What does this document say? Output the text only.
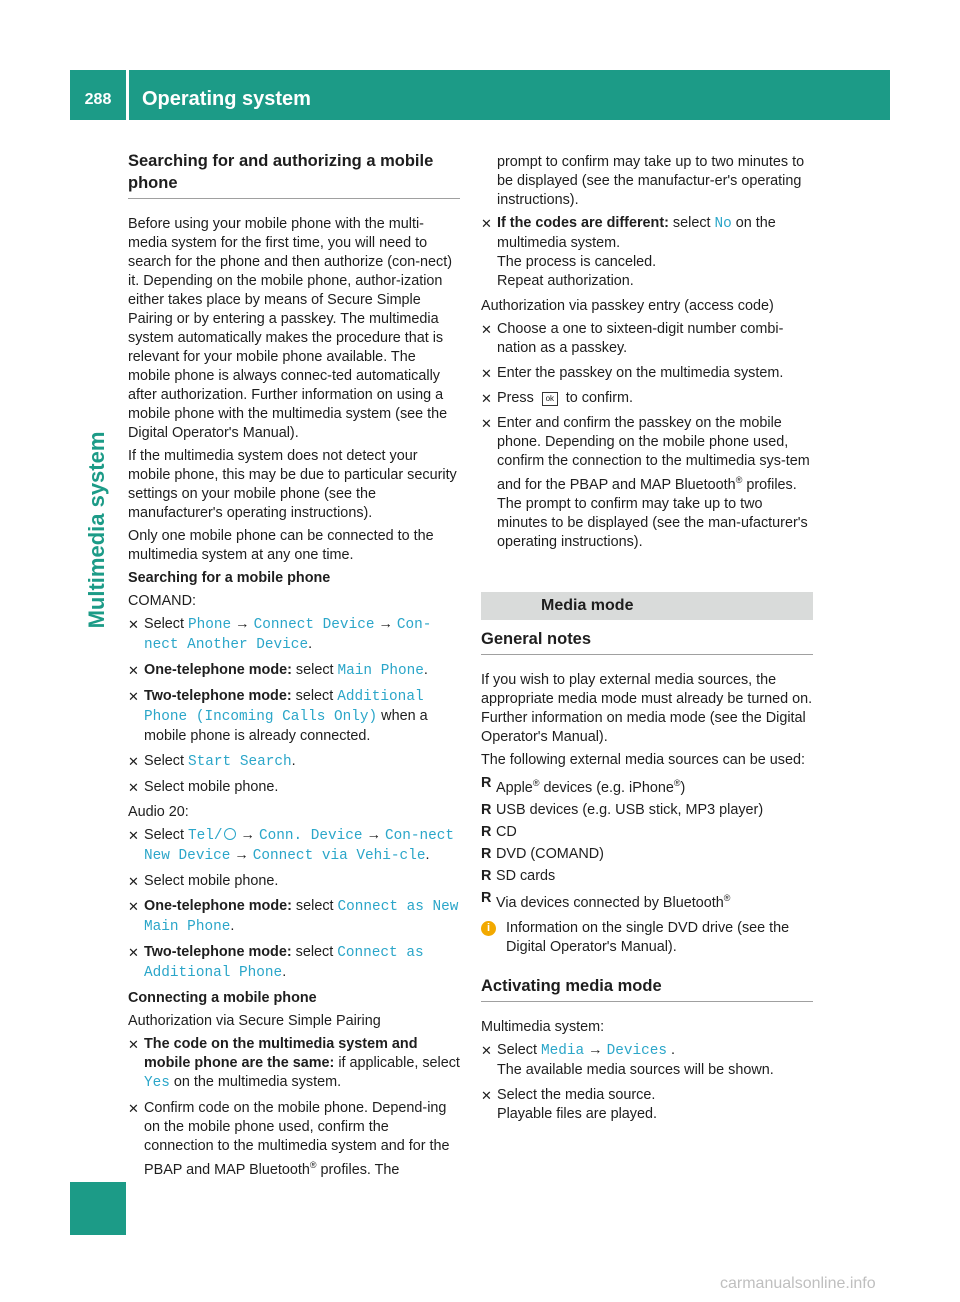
288	Operating system
Multimedia system
Searching for and authorizing a mobile phone

Before using your mobile phone with the multi-media system for the first time, you will need to search for the phone and then authorize (con-nect) it. Depending on the mobile phone, author-ization either takes place by means of Secure Simple Pairing or by entering a passkey. The multimedia system automatically makes the procedure that is relevant for your mobile phone available. The mobile phone is always connec-ted automatically after authorization. Further information on using a mobile phone with the multimedia system (see the Digital Operator's Manual).

If the multimedia system does not detect your mobile phone, this may be due to particular security settings on your mobile phone (see the manufacturer's operating instructions).

Only one mobile phone can be connected to the multimedia system at any one time.

Searching for a mobile phone

COMAND:

✕ Select Phone → Connect Device → Con-nect Another Device.
✕ One-telephone mode: select Main Phone.
✕ Two-telephone mode: select Additional Phone (Incoming Calls Only) when a mobile phone is already connected.
✕ Select Start Search.
✕ Select mobile phone.

Audio 20:

✕ Select Tel/ → Conn. Device → Con-nect New Device → Connect via Vehi-cle.
✕ Select mobile phone.
✕ One-telephone mode: select Connect as New Main Phone.
✕ Two-telephone mode: select Connect as Additional Phone.

Connecting a mobile phone

Authorization via Secure Simple Pairing

✕ The code on the multimedia system and mobile phone are the same: if applicable, select Yes on the multimedia system.
✕ Confirm code on the mobile phone. Depend-ing on the mobile phone used, confirm the connection to the multimedia system and for the PBAP and MAP Bluetooth® profiles. The

prompt to confirm may take up to two minutes to be displayed (see the manufactur-er's operating instructions).

✕ If the codes are different: select No on the multimedia system.
The process is canceled.
Repeat authorization.

Authorization via passkey entry (access code)

✕ Choose a one to sixteen-digit number combi-nation as a passkey.
✕ Enter the passkey on the multimedia system.
✕ Press ok to confirm.
✕ Enter and confirm the passkey on the mobile phone. Depending on the mobile phone used, confirm the connection to the multimedia sys-tem and for the PBAP and MAP Bluetooth® profiles. The prompt to confirm may take up to two minutes to be displayed (see the man-ufacturer's operating instructions).
Media mode
General notes

If you wish to play external media sources, the appropriate media mode must already be turned on. Further information on media mode (see the Digital Operator's Manual).

The following external media sources can be used:

R Apple® devices (e.g. iPhone®)
R USB devices (e.g. USB stick, MP3 player)
R CD
R DVD (COMAND)
R SD cards
R Via devices connected by Bluetooth®
i	Information on the single DVD drive (see the Digital Operator's Manual).
Activating media mode

Multimedia system:

✕ Select Media → Devices .
The available media sources will be shown.
✕ Select the media source.
Playable files are played.
carmanualsonline.info
